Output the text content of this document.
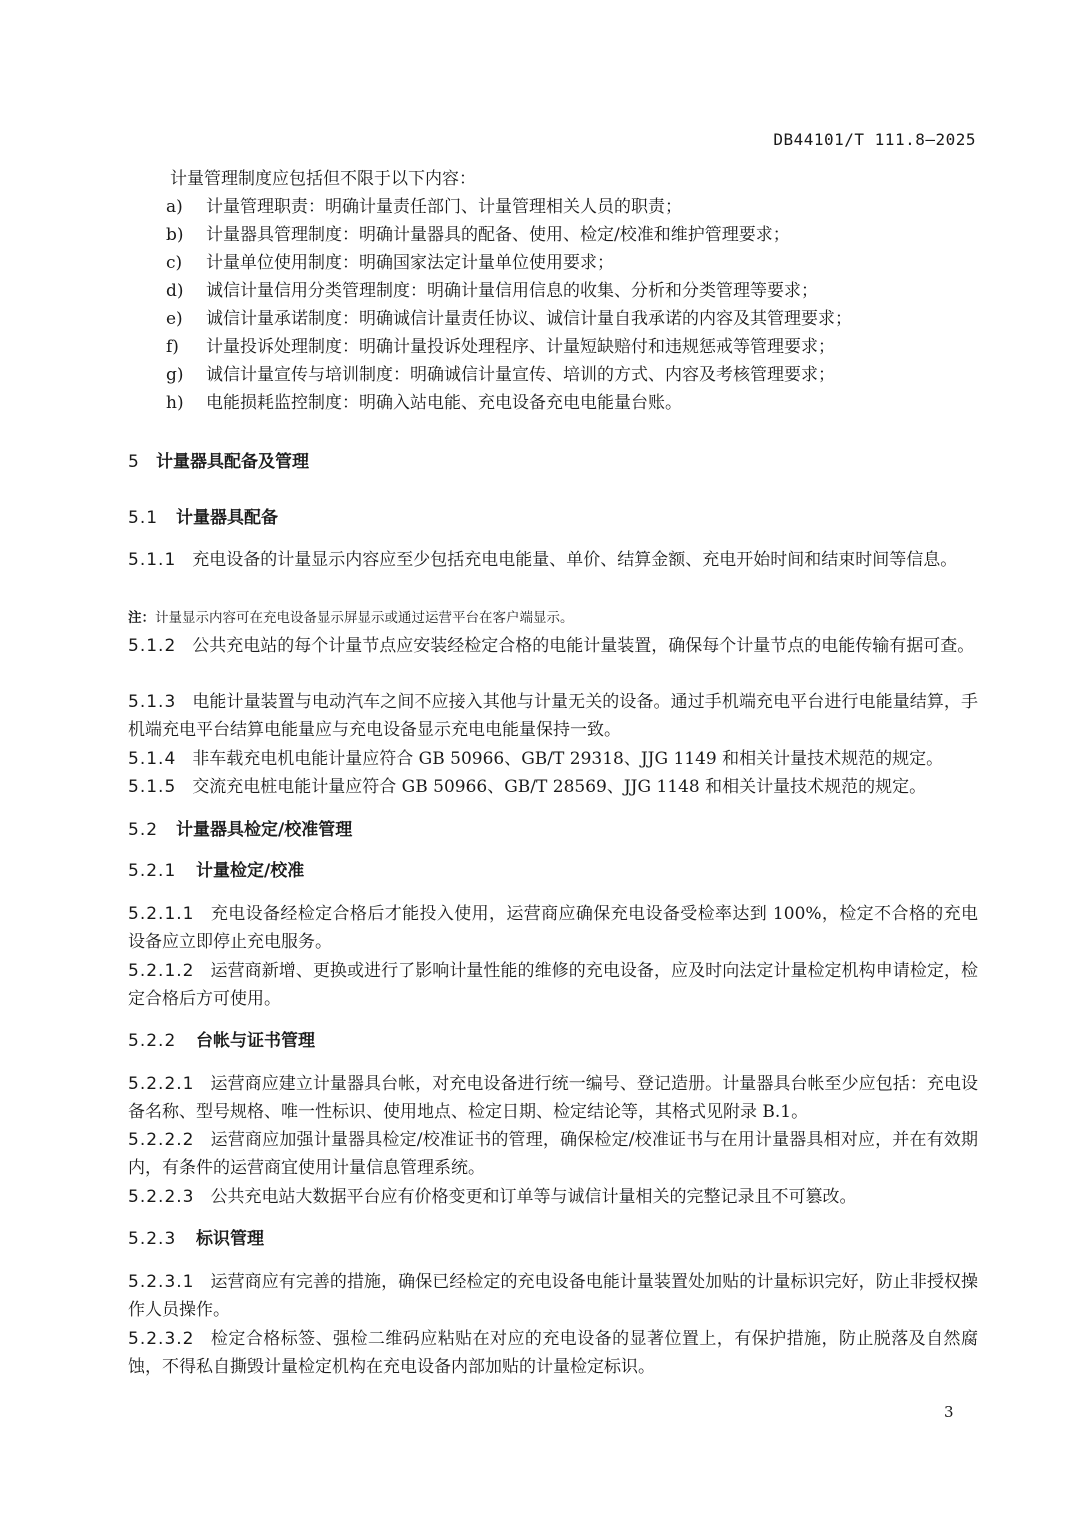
DB44101/T 111.8—2025
计量管理制度应包括但不限于以下内容：
a) 计量管理职责：明确计量责任部门、计量管理相关人员的职责；
b) 计量器具管理制度：明确计量器具的配备、使用、检定/校准和维护管理要求；
c) 计量单位使用制度：明确国家法定计量单位使用要求；
d) 诚信计量信用分类管理制度：明确计量信用信息的收集、分析和分类管理等要求；
e) 诚信计量承诺制度：明确诚信计量责任协议、诚信计量自我承诺的内容及其管理要求；
f) 计量投诉处理制度：明确计量投诉处理程序、计量短缺赔付和违规惩戒等管理要求；
g) 诚信计量宣传与培训制度：明确诚信计量宣传、培训的方式、内容及考核管理要求；
h) 电能损耗监控制度：明确入站电能、充电设备充电电能量台账。
5 计量器具配备及管理
5.1 计量器具配备
5.1.1 充电设备的计量显示内容应至少包括充电电能量、单价、结算金额、充电开始时间和结束时间等信息。
注：计量显示内容可在充电设备显示屏显示或通过运营平台在客户端显示。
5.1.2 公共充电站的每个计量节点应安装经检定合格的电能计量装置，确保每个计量节点的电能传输有据可查。
5.1.3 电能计量装置与电动汽车之间不应接入其他与计量无关的设备。通过手机端充电平台进行电能量结算，手机端充电平台结算电能量应与充电设备显示充电电能量保持一致。
5.1.4 非车载充电机电能计量应符合 GB 50966、GB/T 29318、JJG 1149 和相关计量技术规范的规定。
5.1.5 交流充电桩电能计量应符合 GB 50966、GB/T 28569、JJG 1148 和相关计量技术规范的规定。
5.2 计量器具检定/校准管理
5.2.1 计量检定/校准
5.2.1.1 充电设备经检定合格后才能投入使用，运营商应确保充电设备受检率达到 100%，检定不合格的充电设备应立即停止充电服务。
5.2.1.2 运营商新增、更换或进行了影响计量性能的维修的充电设备，应及时向法定计量检定机构申请检定，检定合格后方可使用。
5.2.2 台帐与证书管理
5.2.2.1 运营商应建立计量器具台帐，对充电设备进行统一编号、登记造册。计量器具台帐至少应包括：充电设备名称、型号规格、唯一性标识、使用地点、检定日期、检定结论等，其格式见附录 B.1。
5.2.2.2 运营商应加强计量器具检定/校准证书的管理，确保检定/校准证书与在用计量器具相对应，并在有效期内，有条件的运营商宜使用计量信息管理系统。
5.2.2.3 公共充电站大数据平台应有价格变更和订单等与诚信计量相关的完整记录且不可篡改。
5.2.3 标识管理
5.2.3.1 运营商应有完善的措施，确保已经检定的充电设备电能计量装置处加贴的计量标识完好，防止非授权操作人员操作。
5.2.3.2 检定合格标签、强检二维码应粘贴在对应的充电设备的显著位置上，有保护措施，防止脱落及自然腐蚀，不得私自撕毁计量检定机构在充电设备内部加贴的计量检定标识。
3
